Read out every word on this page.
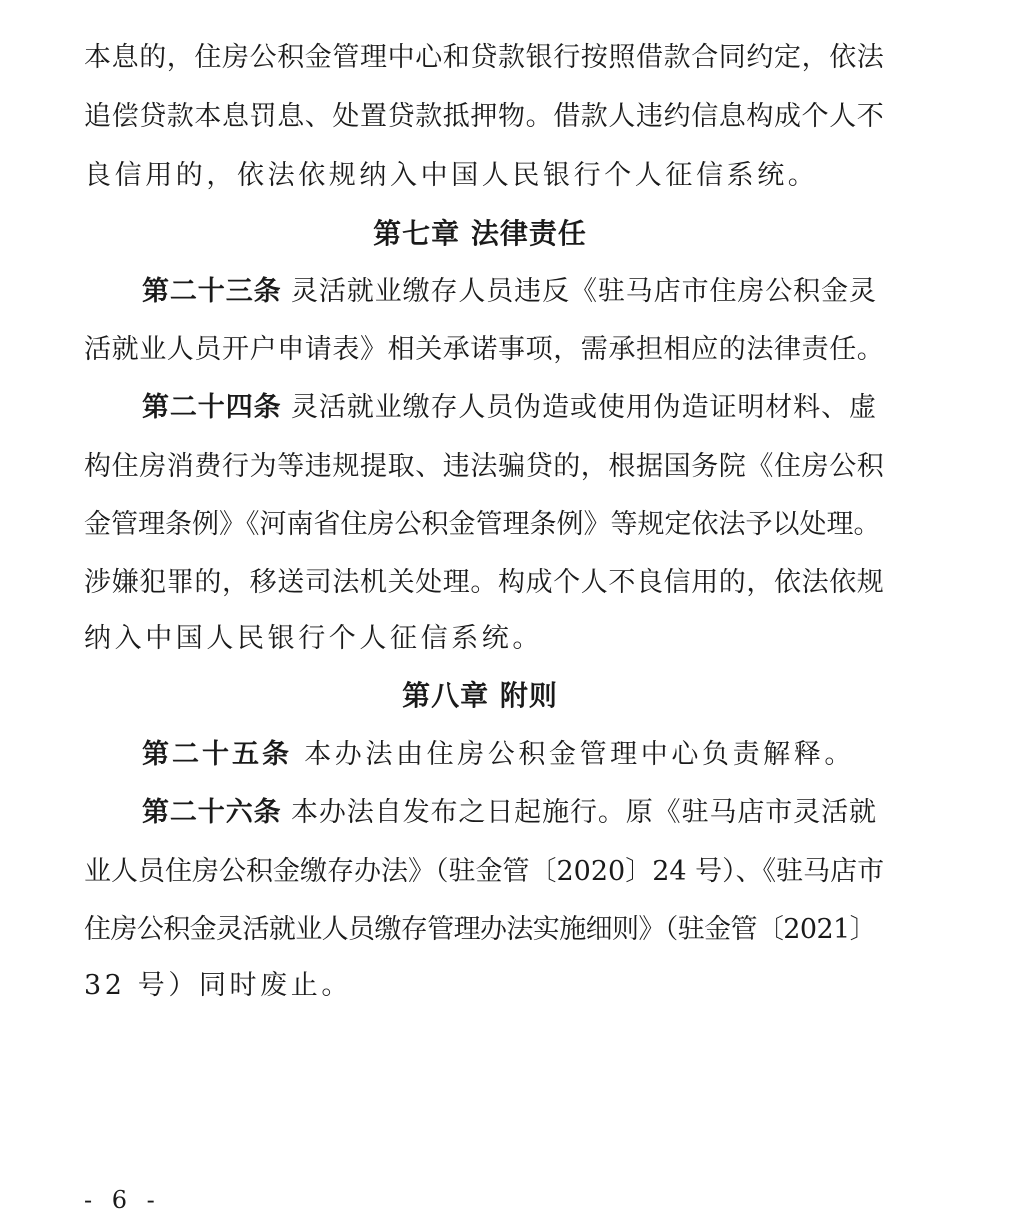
本息的，住房公积金管理中心和贷款银行按照借款合同约定，依法
追偿贷款本息罚息、处置贷款抵押物。借款人违约信息构成个人不
良信用的，依法依规纳入中国人民银行个人征信系统。
第七章 法律责任
第二十三条 灵活就业缴存人员违反《驻马店市住房公积金灵
活就业人员开户申请表》相关承诺事项，需承担相应的法律责任。
第二十四条 灵活就业缴存人员伪造或使用伪造证明材料、虚
构住房消费行为等违规提取、违法骗贷的，根据国务院《住房公积
金管理条例》《河南省住房公积金管理条例》等规定依法予以处理。
涉嫌犯罪的，移送司法机关处理。构成个人不良信用的，依法依规
纳入中国人民银行个人征信系统。
第八章 附则
第二十五条 本办法由住房公积金管理中心负责解释。
第二十六条 本办法自发布之日起施行。原《驻马店市灵活就
业人员住房公积金缴存办法》（驻金管〔2020〕24 号）、《驻马店市
住房公积金灵活就业人员缴存管理办法实施细则》（驻金管〔2021〕
32 号）同时废止。
- 6 -
